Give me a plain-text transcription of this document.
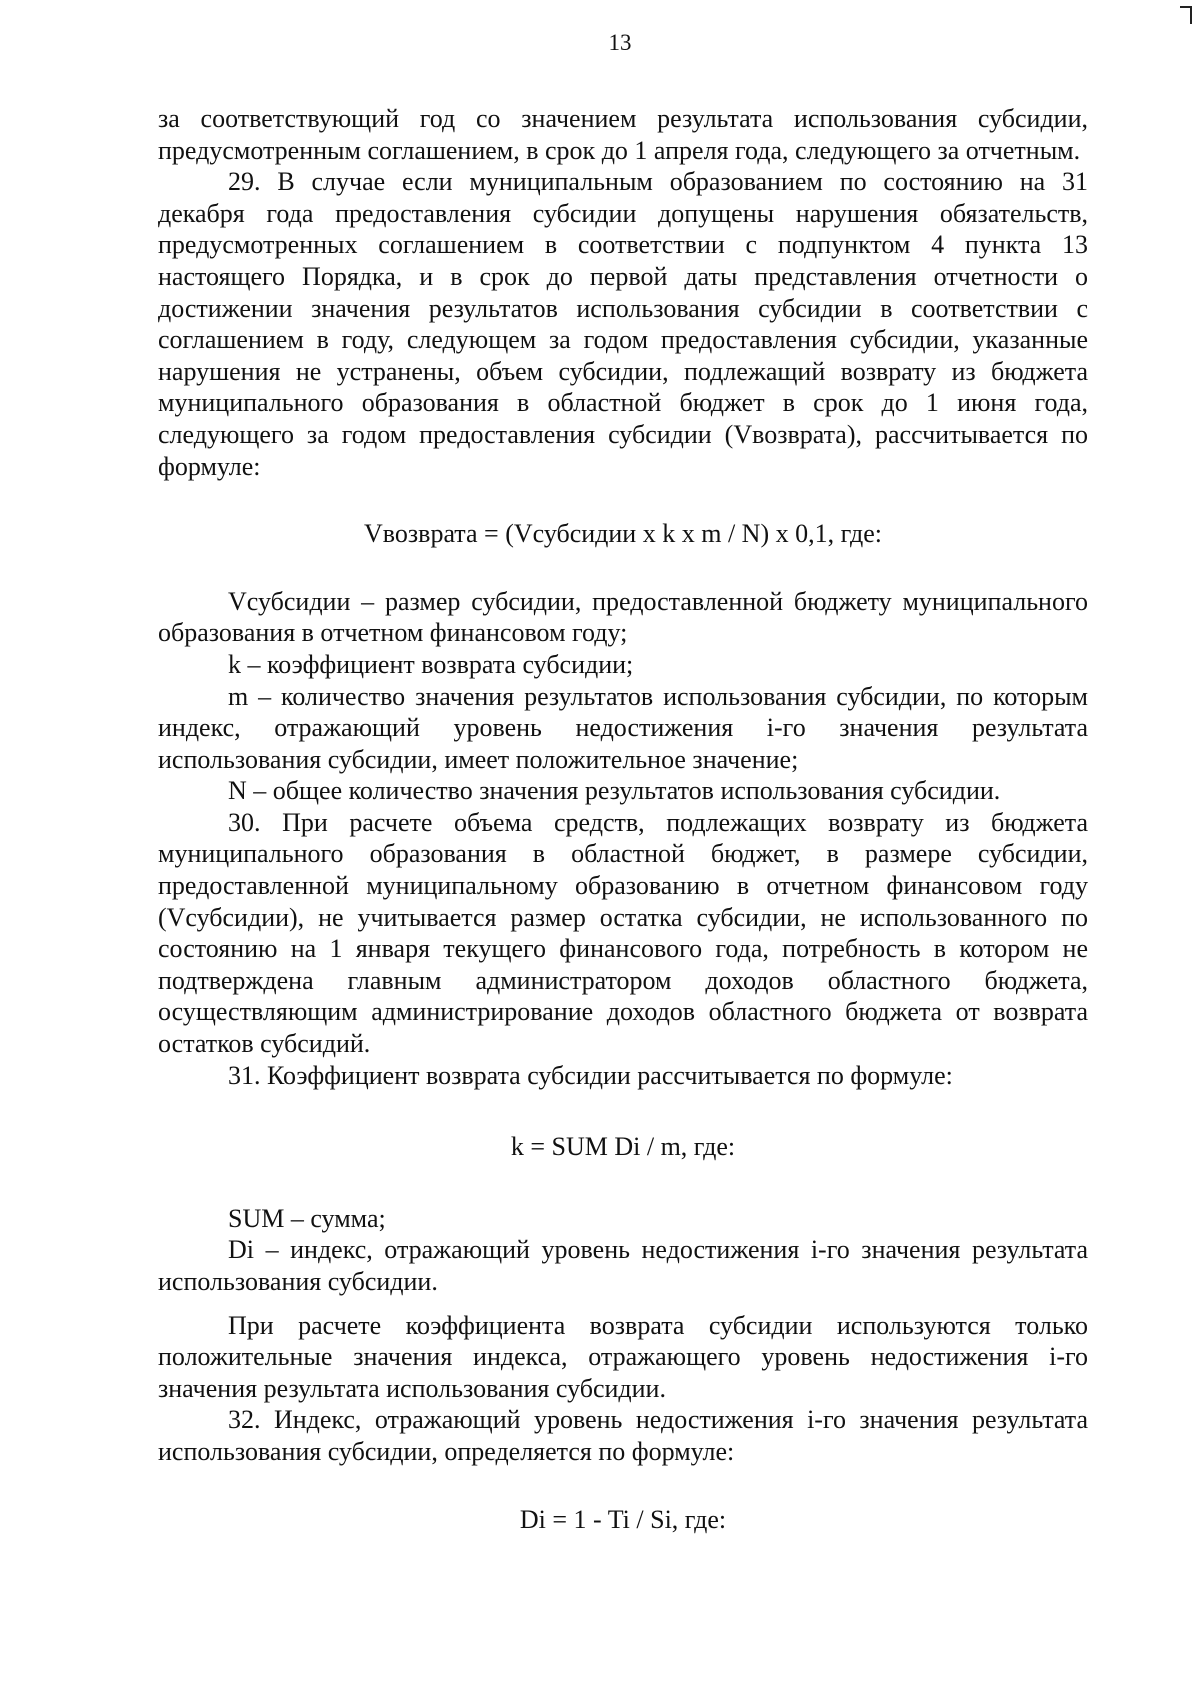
13

за соответствующий год со значением результата использования субсидии, предусмотренным соглашением, в срок до 1 апреля года, следующего за отчетным.

29. В случае если муниципальным образованием по состоянию на 31 декабря года предоставления субсидии допущены нарушения обязательств, предусмотренных соглашением в соответствии с подпунктом 4 пункта 13 настоящего Порядка, и в срок до первой даты представления отчетности о достижении значения результатов использования субсидии в соответствии с соглашением в году, следующем за годом предоставления субсидии, указанные нарушения не устранены, объем субсидии, подлежащий возврату из бюджета муниципального образования в областной бюджет в срок до 1 июня года, следующего за годом предоставления субсидии (Vвозврата), рассчитывается по формуле:

Vвозврата = (Vсубсидии x k x m / N) x 0,1, где:

Vсубсидии – размер субсидии, предоставленной бюджету муниципального образования в отчетном финансовом году;

k – коэффициент возврата субсидии;

m – количество значения результатов использования субсидии, по которым индекс, отражающий уровень недостижения i-го значения результата использования субсидии, имеет положительное значение;

N – общее количество значения результатов использования субсидии.

30. При расчете объема средств, подлежащих возврату из бюджета муниципального образования в областной бюджет, в размере субсидии, предоставленной муниципальному образованию в отчетном финансовом году (Vсубсидии), не учитывается размер остатка субсидии, не использованного по состоянию на 1 января текущего финансового года, потребность в котором не подтверждена главным администратором доходов областного бюджета, осуществляющим администрирование доходов областного бюджета от возврата остатков субсидий.

31. Коэффициент возврата субсидии рассчитывается по формуле:

k = SUM Di / m, где:

SUM – сумма;

Di – индекс, отражающий уровень недостижения i-го значения результата использования субсидии.

При расчете коэффициента возврата субсидии используются только положительные значения индекса, отражающего уровень недостижения i-го значения результата использования субсидии.

32. Индекс, отражающий уровень недостижения i-го значения результата использования субсидии, определяется по формуле:

Di = 1 - Ti / Si, где:
